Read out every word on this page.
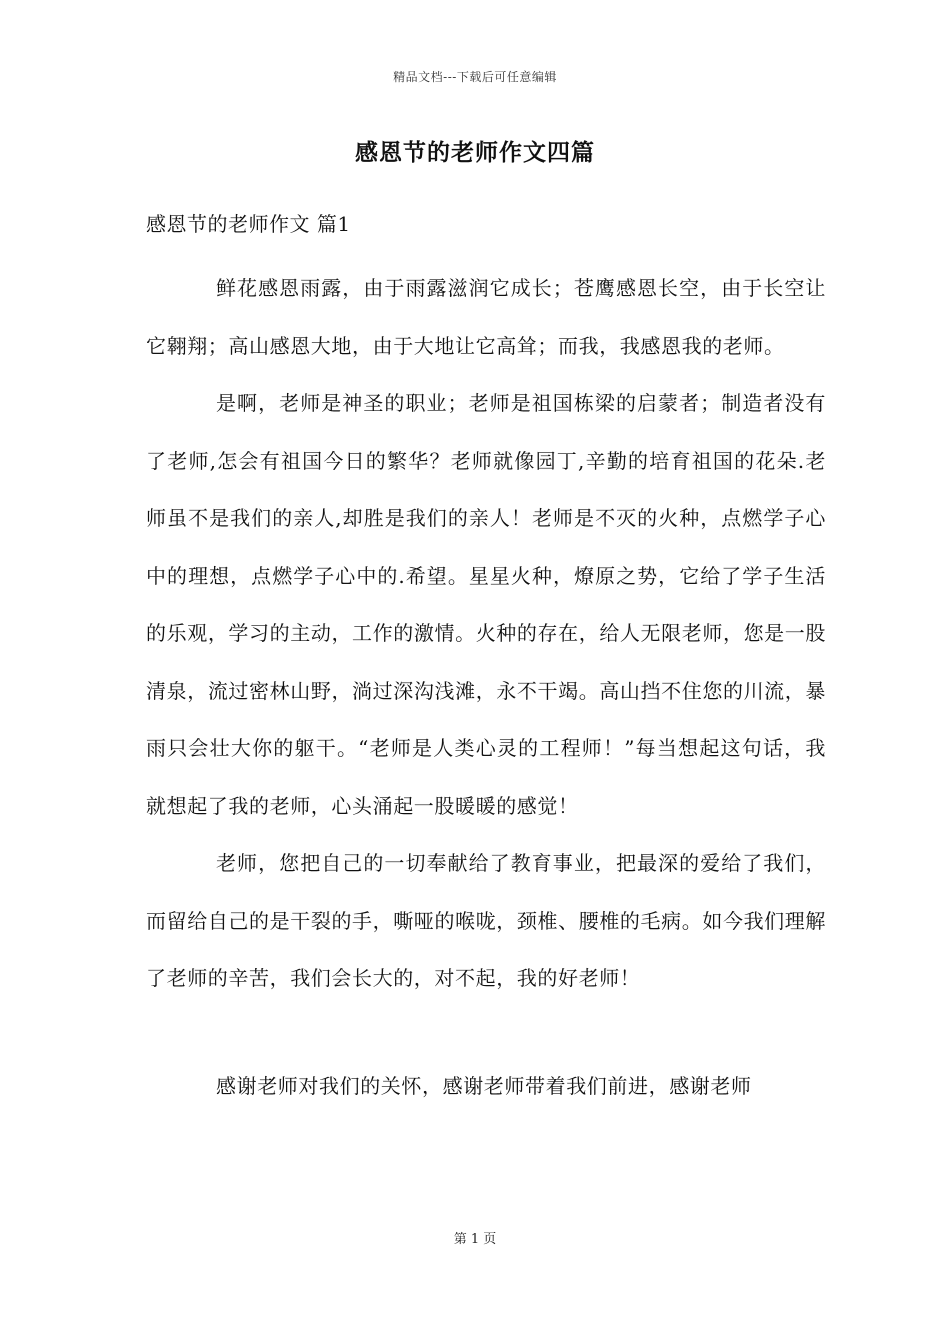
精品文档---下载后可任意编辑
感恩节的老师作文四篇
感恩节的老师作文 篇1

鲜花感恩雨露，由于雨露滋润它成长；苍鹰感恩长空，由于长空让它翱翔；高山感恩大地，由于大地让它高耸；而我，我感恩我的老师。

是啊，老师是神圣的职业；老师是祖国栋梁的启蒙者；制造者没有了老师,怎会有祖国今日的繁华？老师就像园丁,辛勤的培育祖国的花朵.老师虽不是我们的亲人,却胜是我们的亲人！老师是不灭的火种，点燃学子心中的理想，点燃学子心中的.希望。星星火种，燎原之势，它给了学子生活的乐观，学习的主动，工作的激情。火种的存在，给人无限老师，您是一股清泉，流过密林山野，淌过深沟浅滩，永不干竭。高山挡不住您的川流，暴雨只会壮大你的躯干。“老师是人类心灵的工程师！”每当想起这句话，我就想起了我的老师，心头涌起一股暖暖的感觉！

老师，您把自己的一切奉献给了教育事业，把最深的爱给了我们，而留给自己的是干裂的手，嘶哑的喉咙，颈椎、腰椎的毛病。如今我们理解了老师的辛苦，我们会长大的，对不起，我的好老师！

感谢老师对我们的关怀，感谢老师带着我们前进，感谢老师

第 1 页
